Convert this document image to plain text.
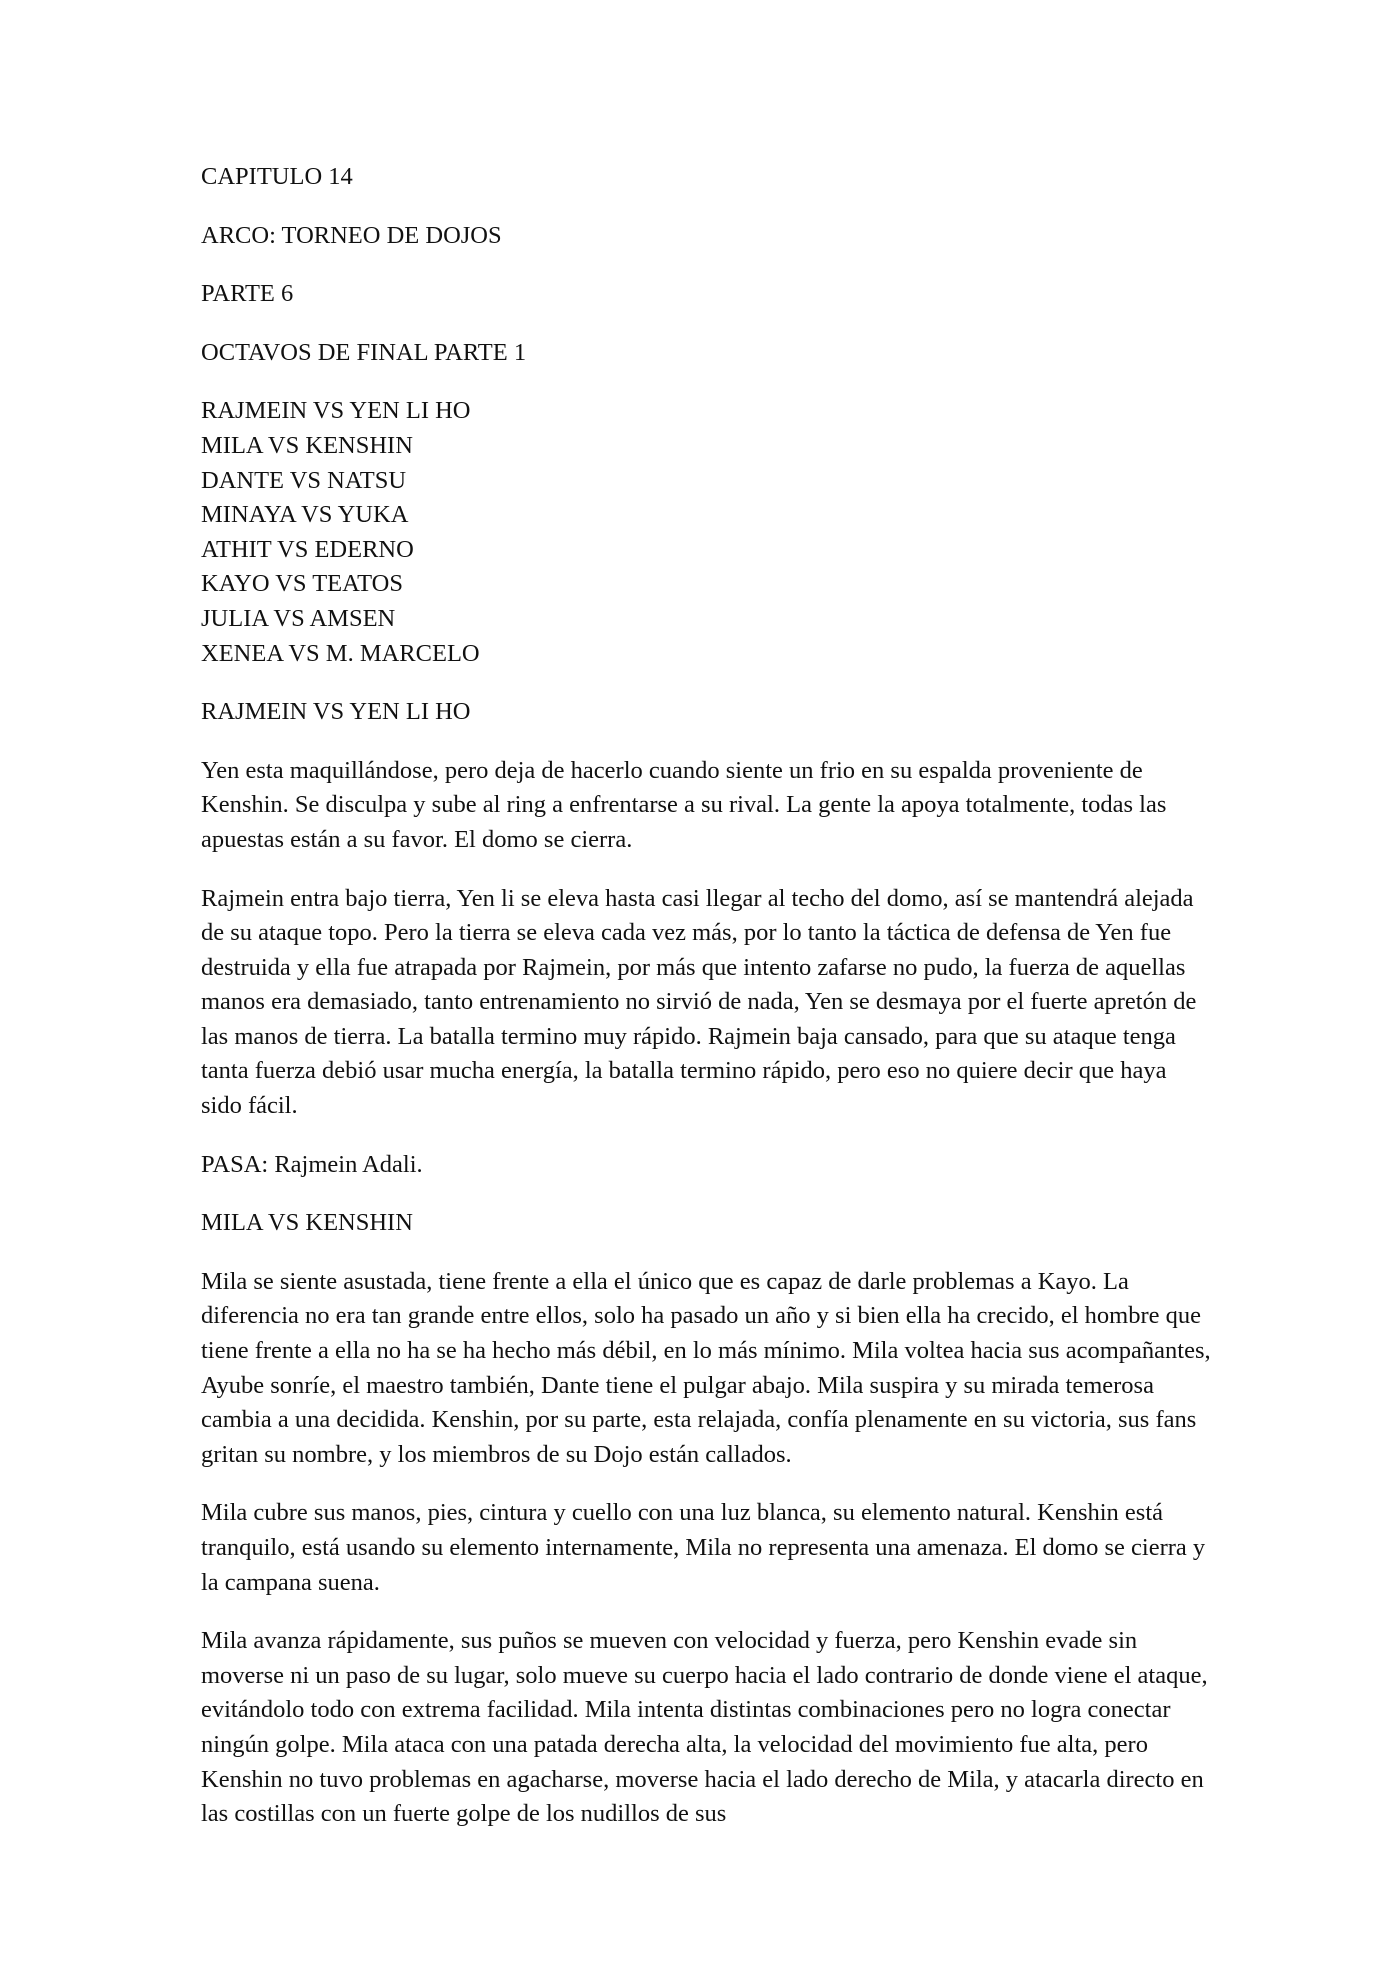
CAPITULO 14

ARCO: TORNEO DE DOJOS

PARTE 6

OCTAVOS DE FINAL PARTE 1

RAJMEIN VS YEN LI HO
MILA VS KENSHIN
DANTE VS NATSU
MINAYA VS YUKA
ATHIT VS EDERNO
KAYO VS TEATOS
JULIA VS AMSEN
XENEA VS M. MARCELO

RAJMEIN VS YEN LI HO

Yen esta maquillándose, pero deja de hacerlo cuando siente un frio en su espalda proveniente de Kenshin. Se disculpa y sube al ring a enfrentarse a su rival. La gente la apoya totalmente, todas las apuestas están a su favor. El domo se cierra.

Rajmein entra bajo tierra, Yen li se eleva hasta casi llegar al techo del domo, así se mantendrá alejada de su ataque topo. Pero la tierra se eleva cada vez más, por lo tanto la táctica de defensa de Yen fue destruida y ella fue atrapada por Rajmein, por más que intento zafarse no pudo, la fuerza de aquellas manos era demasiado, tanto entrenamiento no sirvió de nada, Yen se desmaya por el fuerte apretón de las manos de tierra. La batalla termino muy rápido. Rajmein baja cansado, para que su ataque tenga tanta fuerza debió usar mucha energía, la batalla termino rápido, pero eso no quiere decir que haya sido fácil.

PASA: Rajmein Adali.

MILA VS KENSHIN

Mila se siente asustada, tiene frente a ella el único que es capaz de darle problemas a Kayo. La diferencia no era tan grande entre ellos, solo ha pasado un año y si bien ella ha crecido, el hombre que tiene frente a ella no ha se ha hecho más débil, en lo más mínimo. Mila voltea hacia sus acompañantes, Ayube sonríe, el maestro también, Dante tiene el pulgar abajo. Mila suspira y su mirada temerosa cambia a una decidida. Kenshin, por su parte, esta relajada, confía plenamente en su victoria, sus fans gritan su nombre, y los miembros de su Dojo están callados.

Mila cubre sus manos, pies, cintura y cuello con una luz blanca, su elemento natural. Kenshin está tranquilo, está usando su elemento internamente, Mila no representa una amenaza. El domo se cierra y la campana suena.

Mila avanza rápidamente, sus puños se mueven con velocidad y fuerza, pero Kenshin evade sin moverse ni un paso de su lugar, solo mueve su cuerpo hacia el lado contrario de donde viene el ataque, evitándolo todo con extrema facilidad. Mila intenta distintas combinaciones pero no logra conectar ningún golpe. Mila ataca con una patada derecha alta, la velocidad del movimiento fue alta, pero Kenshin no tuvo problemas en agacharse, moverse hacia el lado derecho de Mila, y atacarla directo en las costillas con un fuerte golpe de los nudillos de sus
